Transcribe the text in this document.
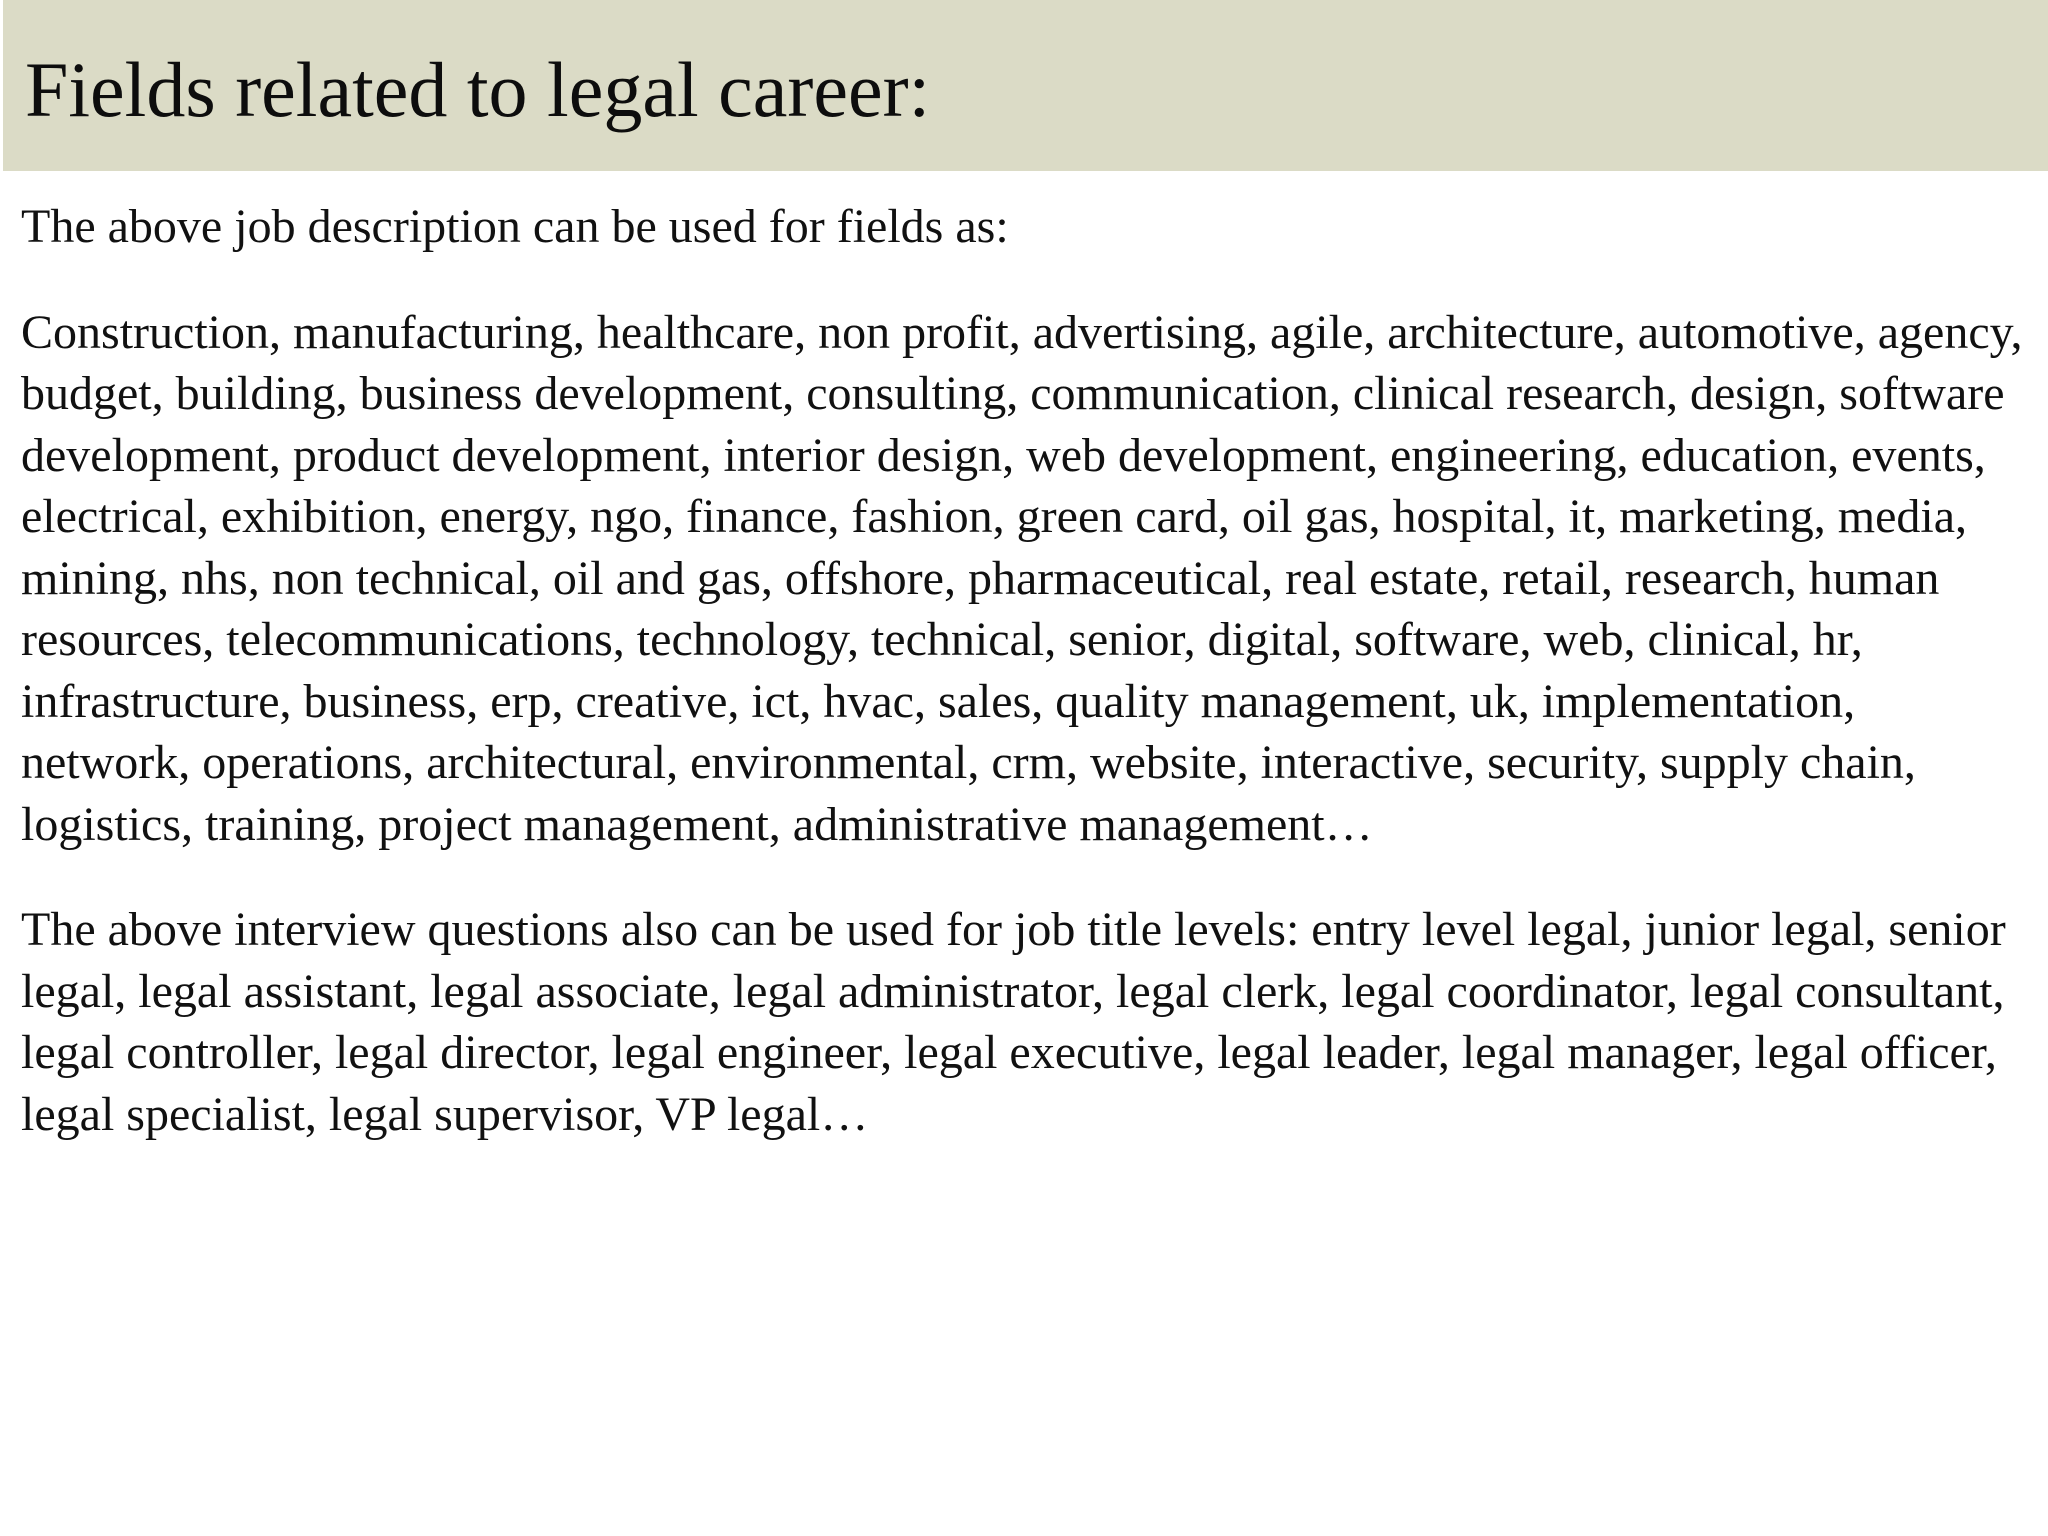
Fields related to legal career:

The above job description can be used for fields as:

Construction, manufacturing, healthcare, non profit, advertising, agile, architecture, automotive, agency, budget, building, business development, consulting, communication, clinical research, design, software development, product development, interior design, web development, engineering, education, events, electrical, exhibition, energy, ngo, finance, fashion, green card, oil gas, hospital, it, marketing, media, mining, nhs, non technical, oil and gas, offshore, pharmaceutical, real estate, retail, research, human resources, telecommunications, technology, technical, senior, digital, software, web, clinical, hr, infrastructure, business, erp, creative, ict, hvac, sales, quality management, uk, implementation, network, operations, architectural, environmental, crm, website, interactive, security, supply chain, logistics, training, project management, administrative management…

The above interview questions also can be used for job title levels: entry level legal, junior legal, senior legal, legal assistant, legal associate, legal administrator, legal clerk, legal coordinator, legal consultant, legal controller, legal director, legal engineer, legal executive, legal leader, legal manager, legal officer, legal specialist, legal supervisor, VP legal…
